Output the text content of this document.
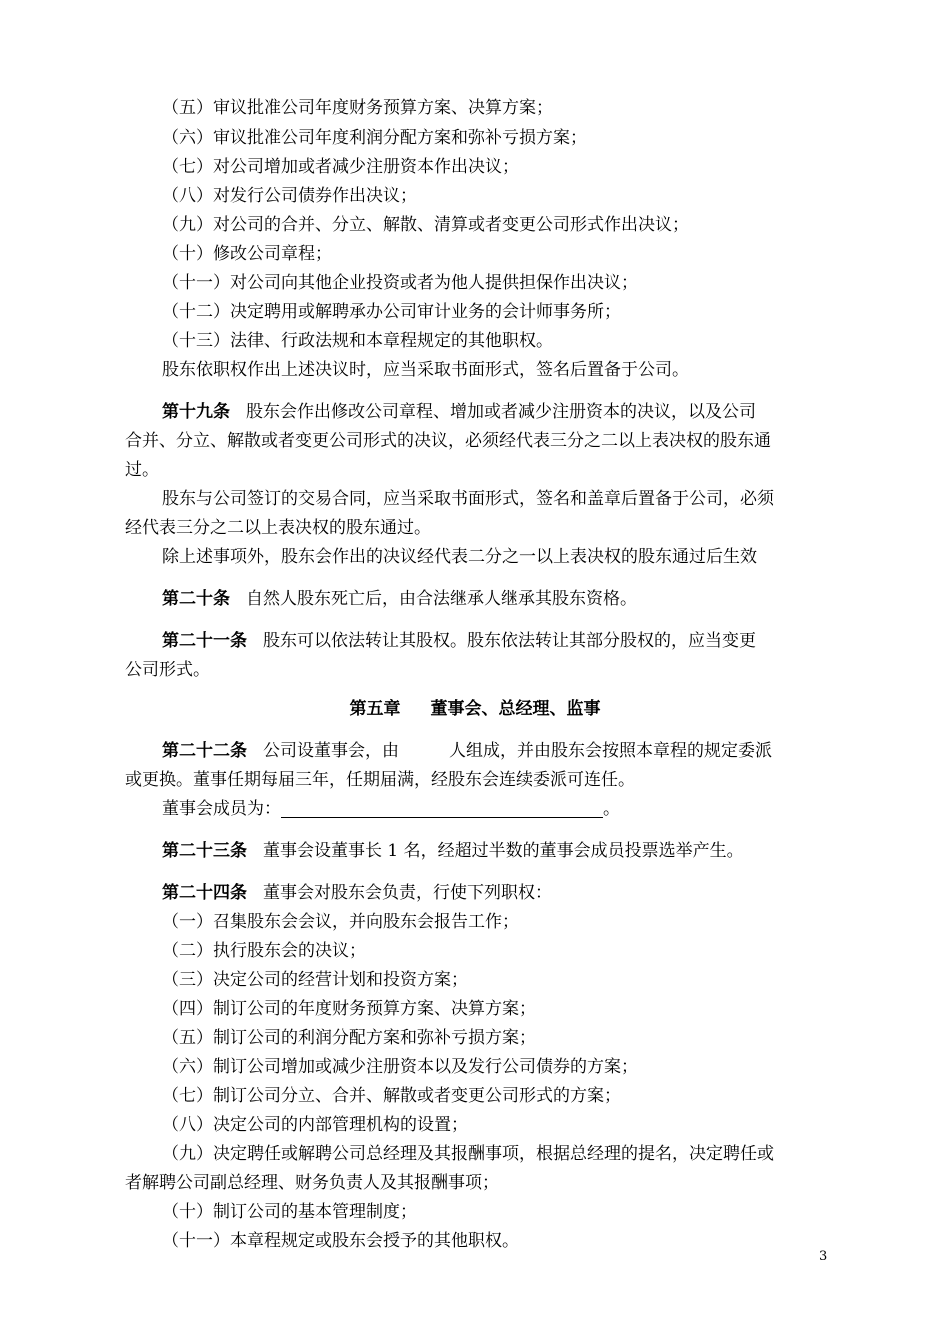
（五）审议批准公司年度财务预算方案、决算方案；
（六）审议批准公司年度利润分配方案和弥补亏损方案；
（七）对公司增加或者减少注册资本作出决议；
（八）对发行公司债券作出决议；
（九）对公司的合并、分立、解散、清算或者变更公司形式作出决议；
（十）修改公司章程；
（十一）对公司向其他企业投资或者为他人提供担保作出决议；
（十二）决定聘用或解聘承办公司审计业务的会计师事务所；
（十三）法律、行政法规和本章程规定的其他职权。
股东依职权作出上述决议时，应当采取书面形式，签名后置备于公司。
第十九条 股东会作出修改公司章程、增加或者减少注册资本的决议，以及公司
合并、分立、解散或者变更公司形式的决议，必须经代表三分之二以上表决权的股东通
过。
股东与公司签订的交易合同，应当采取书面形式，签名和盖章后置备于公司，必须
经代表三分之二以上表决权的股东通过。
除上述事项外，股东会作出的决议经代表二分之一以上表决权的股东通过后生效
第二十条 自然人股东死亡后，由合法继承人继承其股东资格。
第二十一条 股东可以依法转让其股权。股东依法转让其部分股权的，应当变更
公司形式。
第五章 董事会、总经理、监事
第二十二条 公司设董事会，由	人组成，并由股东会按照本章程的规定委派
或更换。董事任期每届三年，任期届满，经股东会连续委派可连任。
董事会成员为：	。
第二十三条 董事会设董事长 1 名，经超过半数的董事会成员投票选举产生。
第二十四条 董事会对股东会负责，行使下列职权：
（一）召集股东会会议，并向股东会报告工作；
（二）执行股东会的决议；
（三）决定公司的经营计划和投资方案；
（四）制订公司的年度财务预算方案、决算方案；
（五）制订公司的利润分配方案和弥补亏损方案；
（六）制订公司增加或减少注册资本以及发行公司债券的方案；
（七）制订公司分立、合并、解散或者变更公司形式的方案；
（八）决定公司的内部管理机构的设置；
（九）决定聘任或解聘公司总经理及其报酬事项，根据总经理的提名，决定聘任或
者解聘公司副总经理、财务负责人及其报酬事项；
（十）制订公司的基本管理制度；
（十一）本章程规定或股东会授予的其他职权。
3
